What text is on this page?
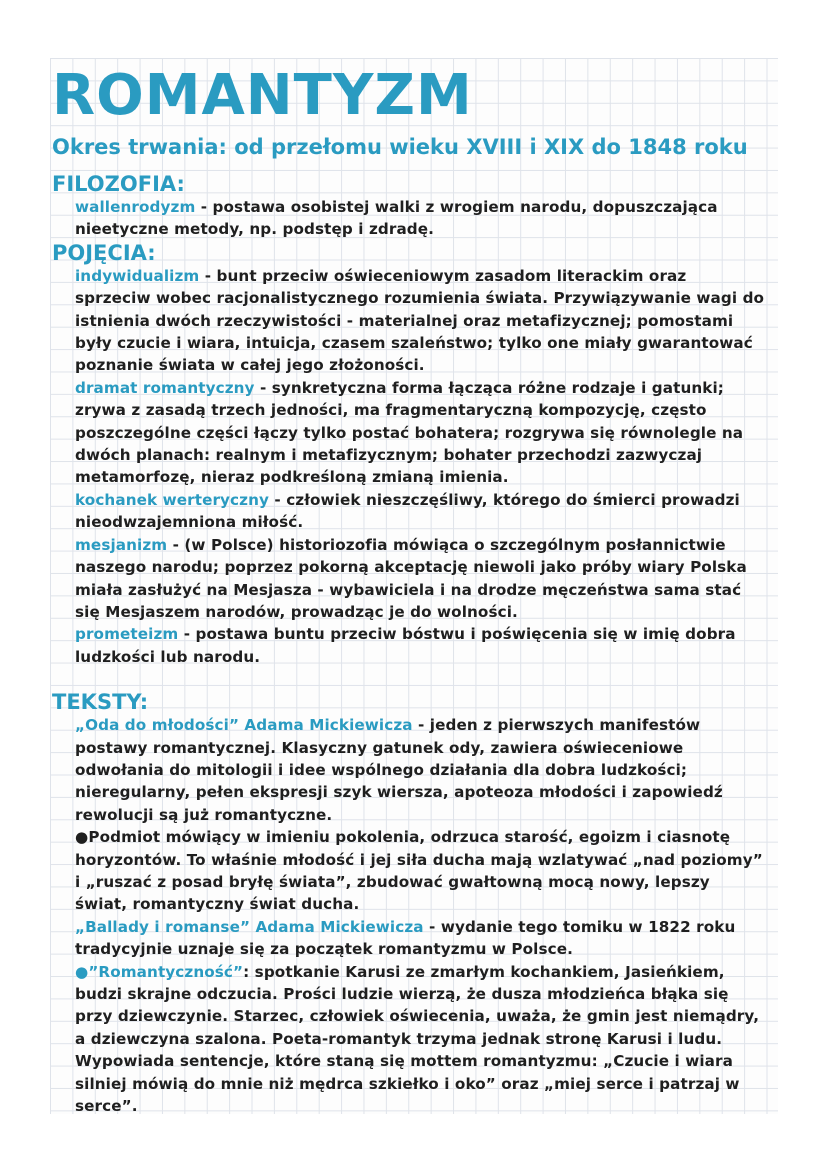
ROMANTYZM
Okres trwania: od przełomu wieku XVIII i XIX do 1848 roku
FILOZOFIA:
wallenrodyzm - postawa osobistej walki z wrogiem narodu, dopuszczająca nieetyczne metody, np. podstęp i zdradę.
POJĘCIA:
indywidualizm - bunt przeciw oświeceniowym zasadom literackim oraz sprzeciw wobec racjonalistycznego rozumienia świata. Przywiązywanie wagi do istnienia dwóch rzeczywistości - materialnej oraz metafizycznej; pomostami były czucie i wiara, intuicja, czasem szaleństwo; tylko one miały gwarantować poznanie świata w całej jego złożoności.
dramat romantyczny - synkretyczna forma łącząca różne rodzaje i gatunki; zrywa z zasadą trzech jedności, ma fragmentaryczną kompozycję, często poszczególne części łączy tylko postać bohatera; rozgrywa się równolegle na dwóch planach: realnym i metafizycznym; bohater przechodzi zazwyczaj metamorfozę, nieraz podkreśloną zmianą imienia.
kochanek werteryczny - człowiek nieszczęśliwy, którego do śmierci prowadzi nieodwzajemniona miłość.
mesjanizm - (w Polsce) historiozofia mówiąca o szczególnym posłannictwie naszego narodu; poprzez pokorną akceptację niewoli jako próby wiary Polska miała zasłużyć na Mesjasza - wybawiciela i na drodze męczeństwa sama stać się Mesjaszem narodów, prowadząc je do wolności.
prometeizm - postawa buntu przeciw bóstwu i poświęcenia się w imię dobra ludzkości lub narodu.
TEKSTY:
„Oda do młodości” Adama Mickiewicza - jeden z pierwszych manifestów postawy romantycznej. Klasyczny gatunek ody, zawiera oświeceniowe odwołania do mitologii i idee wspólnego działania dla dobra ludzkości; nieregularny, pełen ekspresji szyk wiersza, apoteoza młodości i zapowiedź rewolucji są już romantyczne.
●Podmiot mówiący w imieniu pokolenia, odrzuca starość, egoizm i ciasnotę horyzontów. To właśnie młodość i jej siła ducha mają wzlatywać „nad poziomy” i „ruszać z posad bryłę świata”, zbudować gwałtowną mocą nowy, lepszy świat, romantyczny świat ducha.
„Ballady i romanse” Adama Mickiewicza - wydanie tego tomiku w 1822 roku tradycyjnie uznaje się za początek romantyzmu w Polsce.
●”Romantyczność”: spotkanie Karusi ze zmarłym kochankiem, Jasieńkiem, budzi skrajne odczucia. Prości ludzie wierzą, że dusza młodzieńca błąka się przy dziewczynie. Starzec, człowiek oświecenia, uważa, że gmin jest niemądry, a dziewczyna szalona. Poeta-romantyk trzyma jednak stronę Karusi i ludu. Wypowiada sentencje, które staną się mottem romantyzmu: „Czucie i wiara silniej mówią do mnie niż mędrca szkiełko i oko” oraz „miej serce i patrzaj w serce”.
